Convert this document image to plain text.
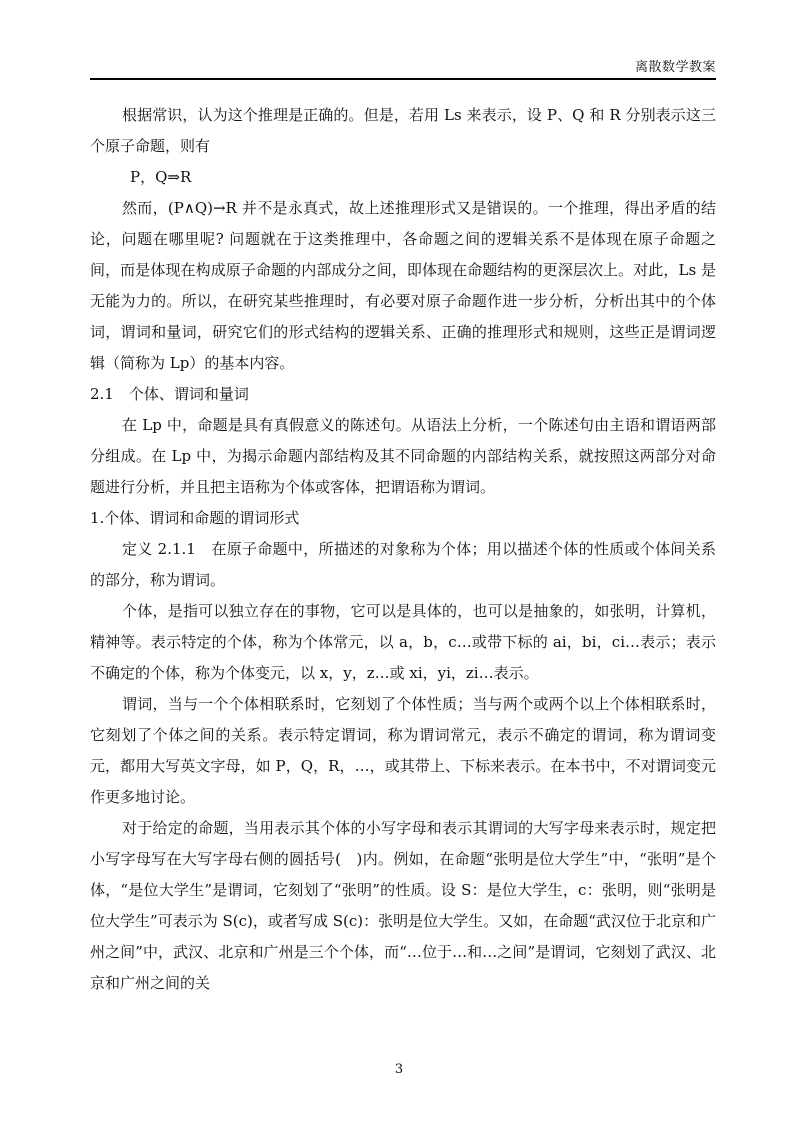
离散数学教案

根据常识，认为这个推理是正确的。但是，若用 Ls 来表示，设 P、Q 和 R 分别表示这三个原子命题，则有

P，Q⇒R

然而，(P∧Q)→R 并不是永真式，故上述推理形式又是错误的。一个推理，得出矛盾的结论，问题在哪里呢? 问题就在于这类推理中，各命题之间的逻辑关系不是体现在原子命题之间，而是体现在构成原子命题的内部成分之间，即体现在命题结构的更深层次上。对此，Ls 是无能为力的。所以，在研究某些推理时，有必要对原子命题作进一步分析，分析出其中的个体词，谓词和量词，研究它们的形式结构的逻辑关系、正确的推理形式和规则，这些正是谓词逻辑（简称为 Lp）的基本内容。

2.1　个体、谓词和量词

在 Lp 中，命题是具有真假意义的陈述句。从语法上分析，一个陈述句由主语和谓语两部分组成。在 Lp 中，为揭示命题内部结构及其不同命题的内部结构关系，就按照这两部分对命题进行分析，并且把主语称为个体或客体，把谓语称为谓词。

1.个体、谓词和命题的谓词形式

定义 2.1.1　在原子命题中，所描述的对象称为个体；用以描述个体的性质或个体间关系的部分，称为谓词。

个体，是指可以独立存在的事物，它可以是具体的，也可以是抽象的，如张明，计算机，精神等。表示特定的个体，称为个体常元，以 a，b，c…或带下标的 ai，bi，ci…表示；表示不确定的个体，称为个体变元，以 x，y，z…或 xi，yi，zi…表示。

谓词，当与一个个体相联系时，它刻划了个体性质；当与两个或两个以上个体相联系时，它刻划了个体之间的关系。表示特定谓词，称为谓词常元，表示不确定的谓词，称为谓词变元，都用大写英文字母，如 P，Q，R，…，或其带上、下标来表示。在本书中，不对谓词变元作更多地讨论。

对于给定的命题，当用表示其个体的小写字母和表示其谓词的大写字母来表示时，规定把小写字母写在大写字母右侧的圆括号(　)内。例如，在命题“张明是位大学生”中，“张明”是个体，“是位大学生”是谓词，它刻划了“张明”的性质。设 S：是位大学生，c：张明，则“张明是位大学生”可表示为 S(c)，或者写成 S(c)：张明是位大学生。又如，在命题“武汉位于北京和广州之间”中，武汉、北京和广州是三个个体，而“…位于…和…之间”是谓词，它刻划了武汉、北京和广州之间的关

3
